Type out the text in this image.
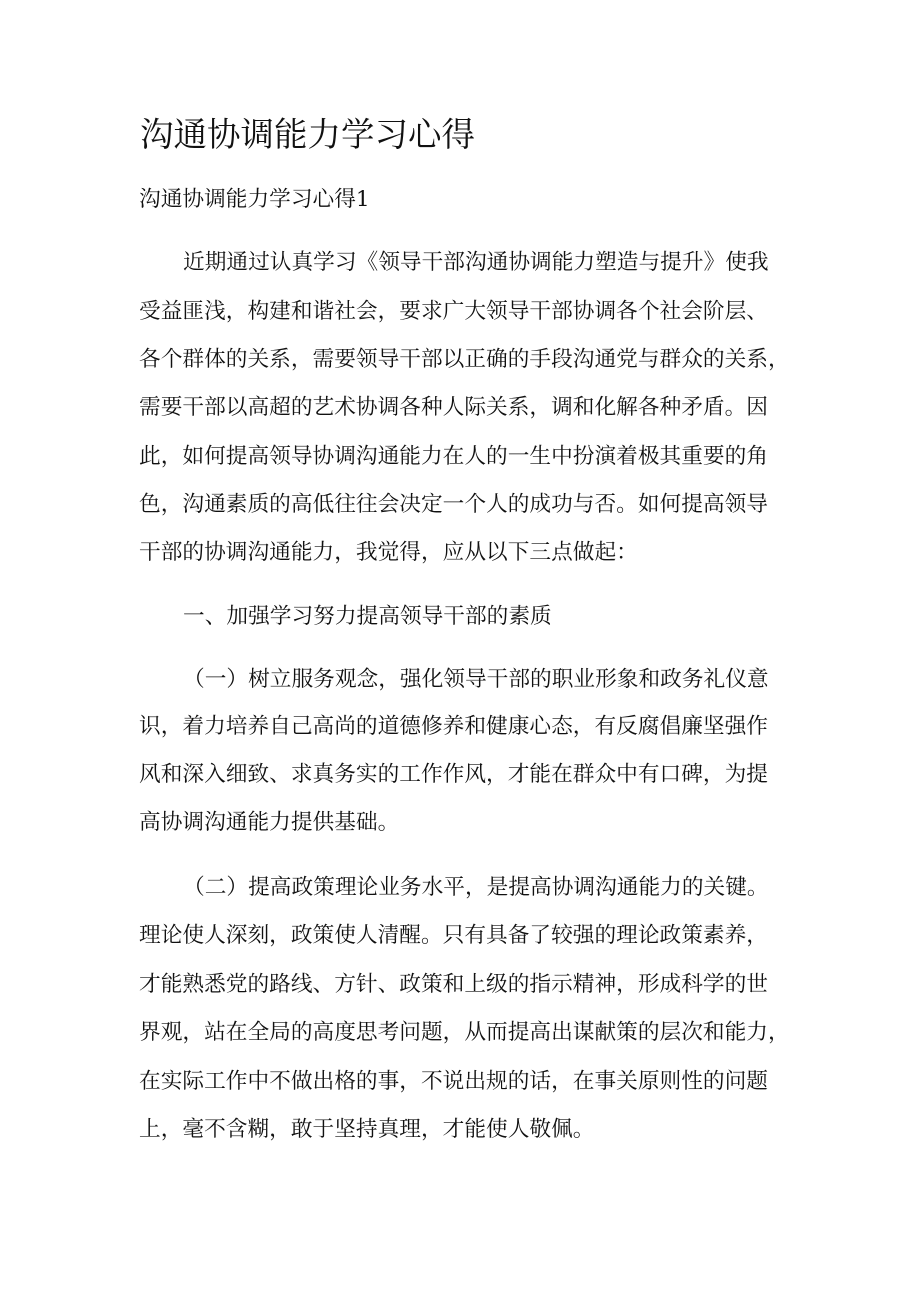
沟通协调能力学习心得
沟通协调能力学习心得1
近期通过认真学习《领导干部沟通协调能力塑造与提升》使我
受益匪浅，构建和谐社会，要求广大领导干部协调各个社会阶层、
各个群体的关系，需要领导干部以正确的手段沟通党与群众的关系，
需要干部以高超的艺术协调各种人际关系，调和化解各种矛盾。因
此，如何提高领导协调沟通能力在人的一生中扮演着极其重要的角
色，沟通素质的高低往往会决定一个人的成功与否。如何提高领导
干部的协调沟通能力，我觉得，应从以下三点做起：
一、加强学习努力提高领导干部的素质
（一）树立服务观念，强化领导干部的职业形象和政务礼仪意
识，着力培养自己高尚的道德修养和健康心态，有反腐倡廉坚强作
风和深入细致、求真务实的工作作风，才能在群众中有口碑，为提
高协调沟通能力提供基础。
（二）提高政策理论业务水平，是提高协调沟通能力的关键。
理论使人深刻，政策使人清醒。只有具备了较强的理论政策素养，
才能熟悉党的路线、方针、政策和上级的指示精神，形成科学的世
界观，站在全局的高度思考问题，从而提高出谋献策的层次和能力，
在实际工作中不做出格的事，不说出规的话，在事关原则性的问题
上，毫不含糊，敢于坚持真理，才能使人敬佩。
